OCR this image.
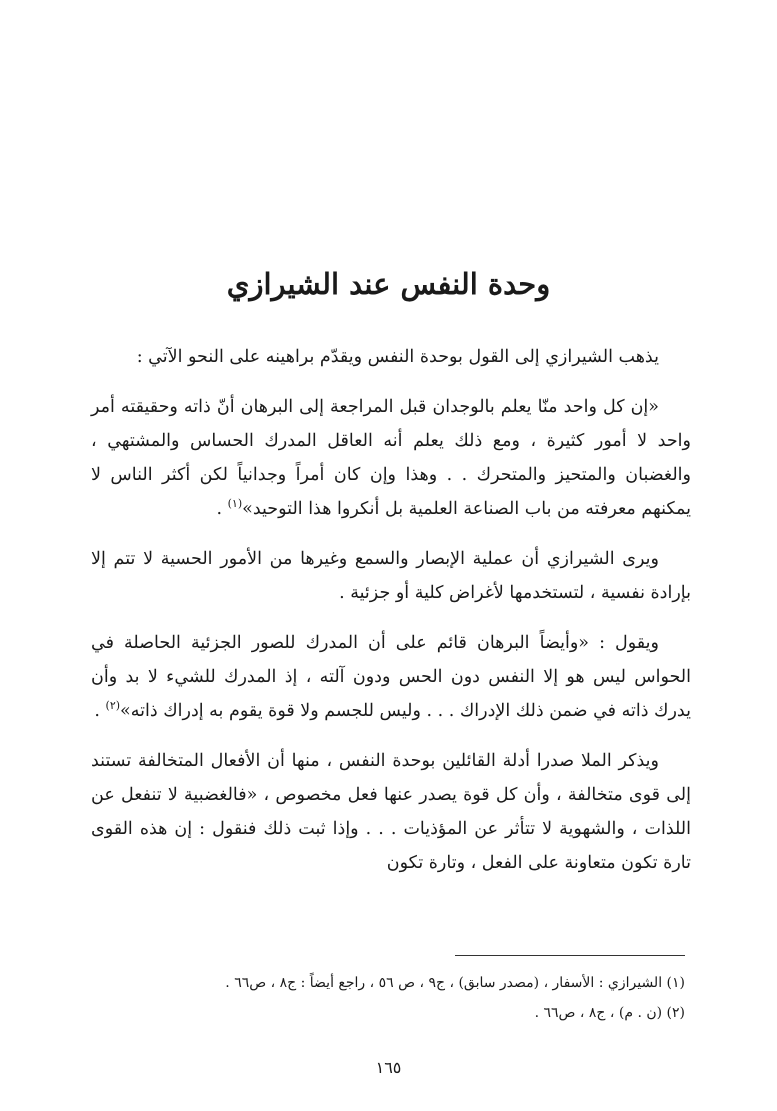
وحدة النفس عند الشيرازي

يذهب الشيرازي إلى القول بوحدة النفس ويقدّم براهينه على النحو الآتي :

«إن كل واحد منّا يعلم بالوجدان قبل المراجعة إلى البرهان أنّ ذاته وحقيقته أمر واحد لا أمور كثيرة ، ومع ذلك يعلم أنه العاقل المدرك الحساس والمشتهي ، والغضبان والمتحيز والمتحرك . . وهذا وإن كان أمراً وجدانياً لكن أكثر الناس لا يمكنهم معرفته من باب الصناعة العلمية بل أنكروا هذا التوحيد»$^{(١)}$ .

ويرى الشيرازي أن عملية الإبصار والسمع وغيرها من الأمور الحسية لا تتم إلا بإرادة نفسية ، لتستخدمها لأغراض كلية أو جزئية .

ويقول : «وأيضاً البرهان قائم على أن المدرك للصور الجزئية الحاصلة في الحواس ليس هو إلا النفس دون الحس ودون آلته ، إذ المدرك للشيء لا بد وأن يدرك ذاته في ضمن ذلك الإدراك . . . وليس للجسم ولا قوة يقوم به إدراك ذاته»$^{(٢)}$ .

ويذكر الملا صدرا أدلة القائلين بوحدة النفس ، منها أن الأفعال المتخالفة تستند إلى قوى متخالفة ، وأن كل قوة يصدر عنها فعل مخصوص ، «فالغضبية لا تنفعل عن اللذات ، والشهوية لا تتأثر عن المؤذيات . . . وإذا ثبت ذلك فنقول : إن هذه القوى تارة تكون متعاونة على الفعل ، وتارة تكون

(١) الشيرازي : الأسفار ، (مصدر سابق) ، ج٩ ، ص ٥٦ ، راجع أيضاً : ج٨ ، ص٦٦ .
(٢) (ن . م) ، ج٨ ، ص٦٦ .
١٦٥
